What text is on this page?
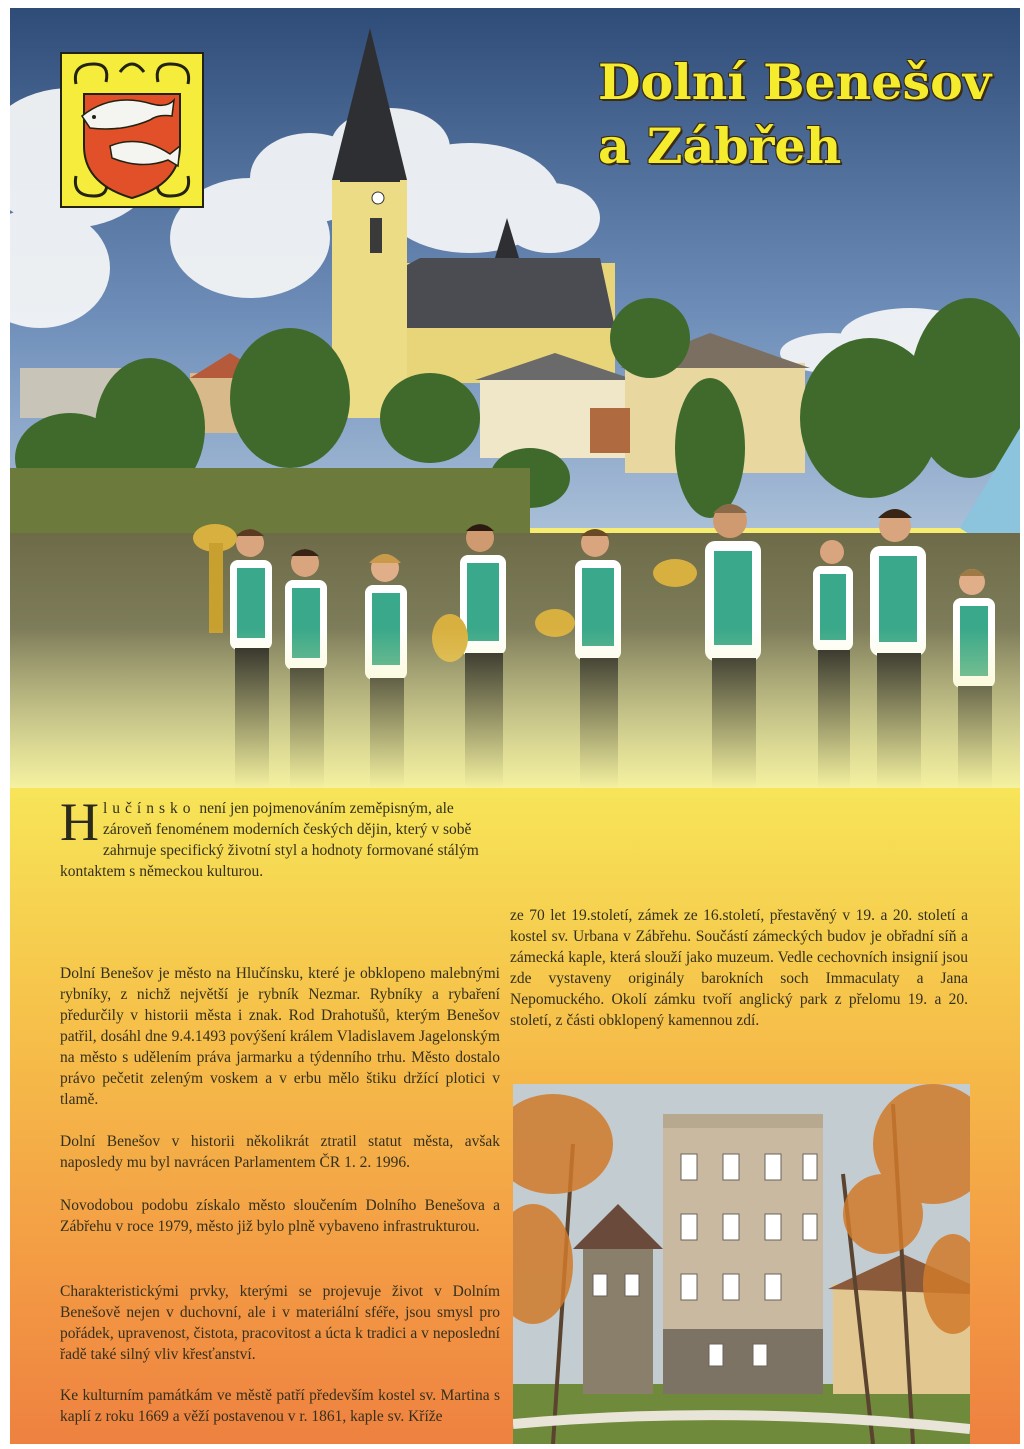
Dolní Benešov
a Zábřeh

Hlučínsko není jen pojmenováním zeměpisným, ale zároveň fenoménem moderních českých dějin, který v sobě zahrnuje specifický životní styl a hodnoty formované stálým kontaktem s německou kulturou.

Dolní Benešov je město na Hlučínsku, které je obklopeno malebnými rybníky, z nichž největší je rybník Nezmar. Rybníky a rybaření předurčily v historii města i znak. Rod Drahotušů, kterým Benešov patřil, dosáhl dne 9.4.1493 povýšení králem Vladislavem Jagelonským na město s udělením práva jarmarku a týdenního trhu. Město dostalo právo pečetit zeleným voskem a v erbu mělo štiku držící plotici v tlamě.

Dolní Benešov v historii několikrát ztratil statut města, avšak naposledy mu byl navrácen Parlamentem ČR 1. 2. 1996.

Novodobou podobu získalo město sloučením Dolního Benešova a Zábřehu v roce 1979, město již bylo plně vybaveno infrastrukturou.

Charakteristickými prvky, kterými se projevuje život v Dolním Benešově nejen v duchovní, ale i v materiální sféře, jsou smysl pro pořádek, upravenost, čistota, pracovitost a úcta k tradici a v neposlední řadě také silný vliv křesťanství.

Ke kulturním památkám ve městě patří především kostel sv. Martina s kaplí z roku 1669 a věží postavenou v r. 1861, kaple sv. Kříže

ze 70 let 19.století, zámek ze 16.století, přestavěný v 19. a 20. století a kostel sv. Urbana v Zábřehu. Součástí zámeckých budov je obřadní síň a zámecká kaple, která slouží jako muzeum. Vedle cechovních insignií jsou zde vystaveny originály barokních soch Immaculaty a Jana Nepomuckého. Okolí zámku tvoří anglický park z přelomu 19. a 20. století, z části obklopený kamennou zdí.
